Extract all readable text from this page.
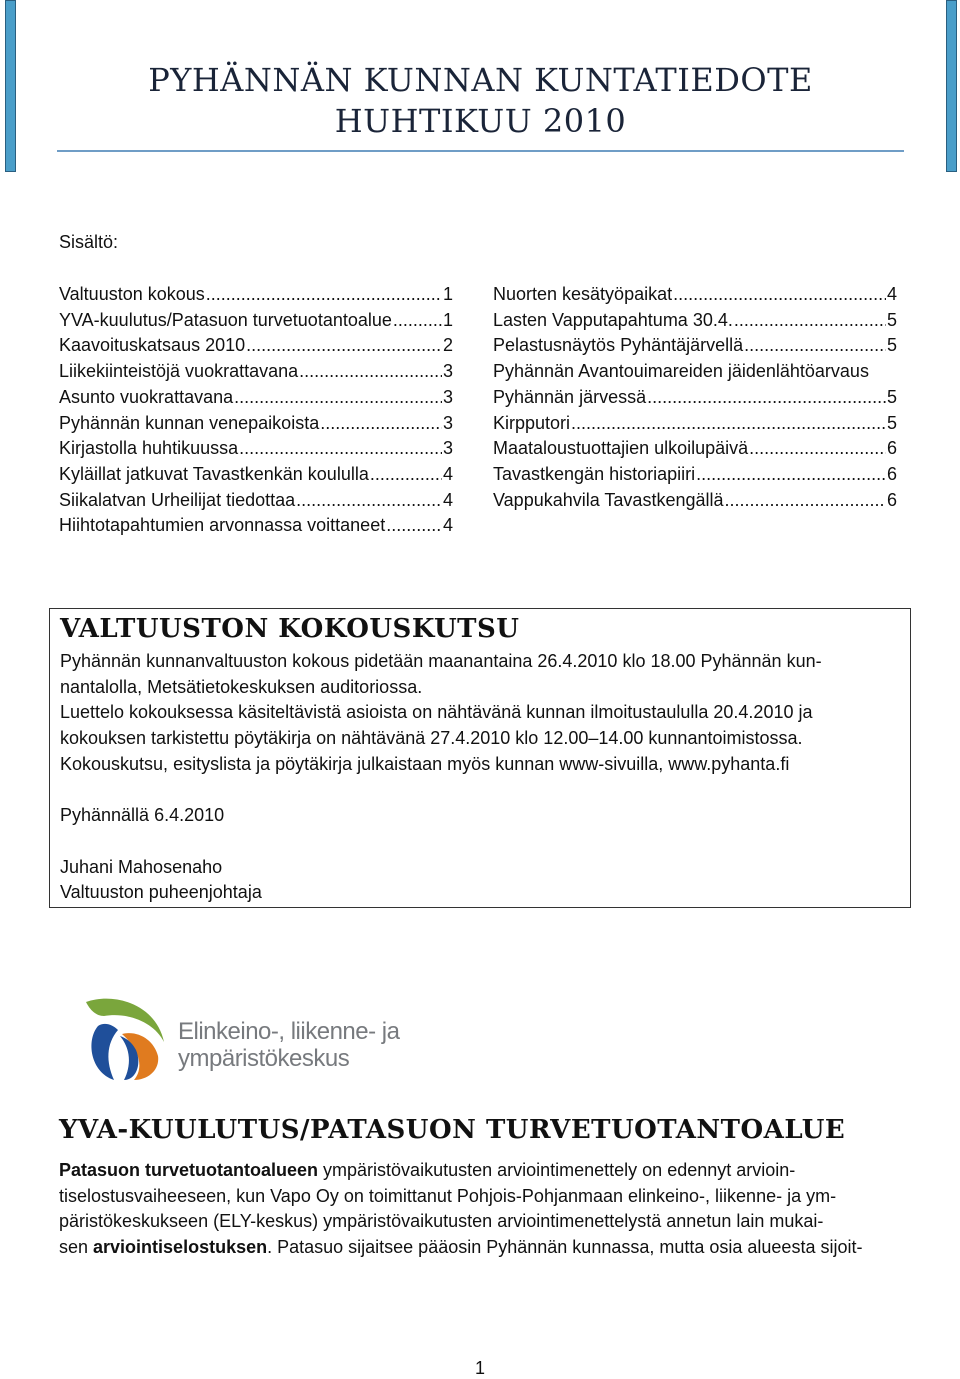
PYHÄNNÄN KUNNAN KUNTATIEDOTE
HUHTIKUU 2010
Sisältö:
Valtuuston kokous .....	1
YVA-kuulutus/Patasuon turvetuotantoalue .....	1
Kaavoituskatsaus 2010 .....	2
Liikekiinteistöjä vuokrattavana .....	3
Asunto vuokrattavana .....	3
Pyhännän kunnan venepaikoista .....	3
Kirjastolla huhtikuussa .....	3
Kyläillat jatkuvat Tavastkenkän koululla .....	4
Siikalatvan Urheilijat tiedottaa .....	4
Hiihtotapahtumien arvonnassa voittaneet .....	4
Nuorten kesätyöpaikat .....	4
Lasten Vapputapahtuma 30.4. .....	5
Pelastusnäytös Pyhäntäjärvellä .....	5
Pyhännän Avantouimareiden jäidenlähtöarvaus
Pyhännän järvessä .....	5
Kirpputori .....	5
Maataloustuottajien ulkoilupäivä .....	6
Tavastkengän historiapiiri .....	6
Vappukahvila Tavastkengällä .....	6
VALTUUSTON KOKOUSKUTSU
Pyhännän kunnanvaltuuston kokous pidetään maanantaina 26.4.2010 klo 18.00 Pyhännän kun-
nantalolla, Metsätietokeskuksen auditoriossa.
Luettelo kokouksessa käsiteltävistä asioista on nähtävänä kunnan ilmoitustaululla 20.4.2010 ja
kokouksen tarkistettu pöytäkirja on nähtävänä 27.4.2010 klo 12.00–14.00 kunnantoimistossa.
Kokouskutsu, esityslista ja pöytäkirja julkaistaan myös kunnan www-sivuilla, www.pyhanta.fi
Pyhännällä 6.4.2010
Juhani Mahosenaho
Valtuuston puheenjohtaja
Elinkeino-, liikenne- ja
ympäristökeskus
YVA-KUULUTUS/PATASUON TURVETUOTANTOALUE
Patasuon turvetuotantoalueen ympäristövaikutusten arviointimenettely on edennyt arvioin-
tiselostusvaiheeseen, kun Vapo Oy on toimittanut Pohjois-Pohjanmaan elinkeino-, liikenne- ja ym-
päristökeskukseen (ELY-keskus) ympäristövaikutusten arviointimenettelystä annetun lain mukai-
sen arviointiselostuksen. Patasuo sijaitsee pääosin Pyhännän kunnassa, mutta osia alueesta sijoit-
1
